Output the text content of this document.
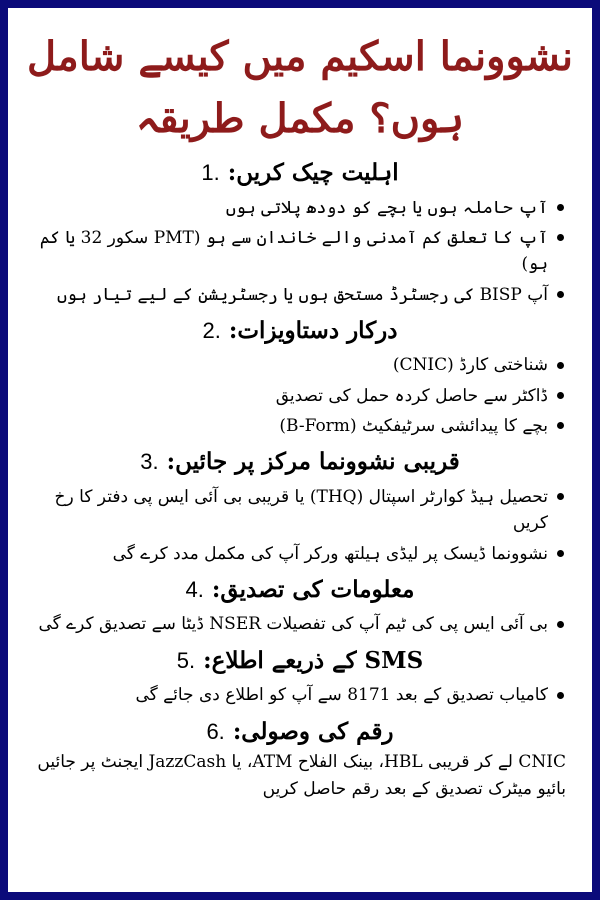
نشوونما اسکیم میں کیسے شامل ہوں؟ مکمل طریقہ
اہلیت چیک کریں: 1.
آپ حاملہ ہوں یا بچے کو دودھ پلاتی ہوں
آپ کا تعلق کم آمدنی والے خاندان سے ہو (PMT سکور 32 یا کم ہو)
آپ BISP کی رجسٹرڈ مستحق ہوں یا رجسٹریشن کے لیے تیار ہوں
درکار دستاویزات: 2.
شناختی کارڈ (CNIC)
ڈاکٹر سے حاصل کردہ حمل کی تصدیق
بچے کا پیدائشی سرٹیفکیٹ (B-Form)
قریبی نشوونما مرکز پر جائیں: 3.
تحصیل ہیڈ کوارٹر اسپتال (THQ) یا قریبی بی آئی ایس پی دفتر کا رخ کریں
نشوونما ڈیسک پر لیڈی ہیلتھ ورکر آپ کی مکمل مدد کرے گی
معلومات کی تصدیق: 4.
بی آئی ایس پی کی ٹیم آپ کی تفصیلات NSER ڈیٹا سے تصدیق کرے گی
SMS کے ذریعے اطلاع: 5.
کامیاب تصدیق کے بعد 8171 سے آپ کو اطلاع دی جائے گی
رقم کی وصولی: 6.

CNIC لے کر قریبی HBL، بینک الفلاح ATM، یا JazzCash ایجنٹ پر جائیں

بائیو میٹرک تصدیق کے بعد رقم حاصل کریں
